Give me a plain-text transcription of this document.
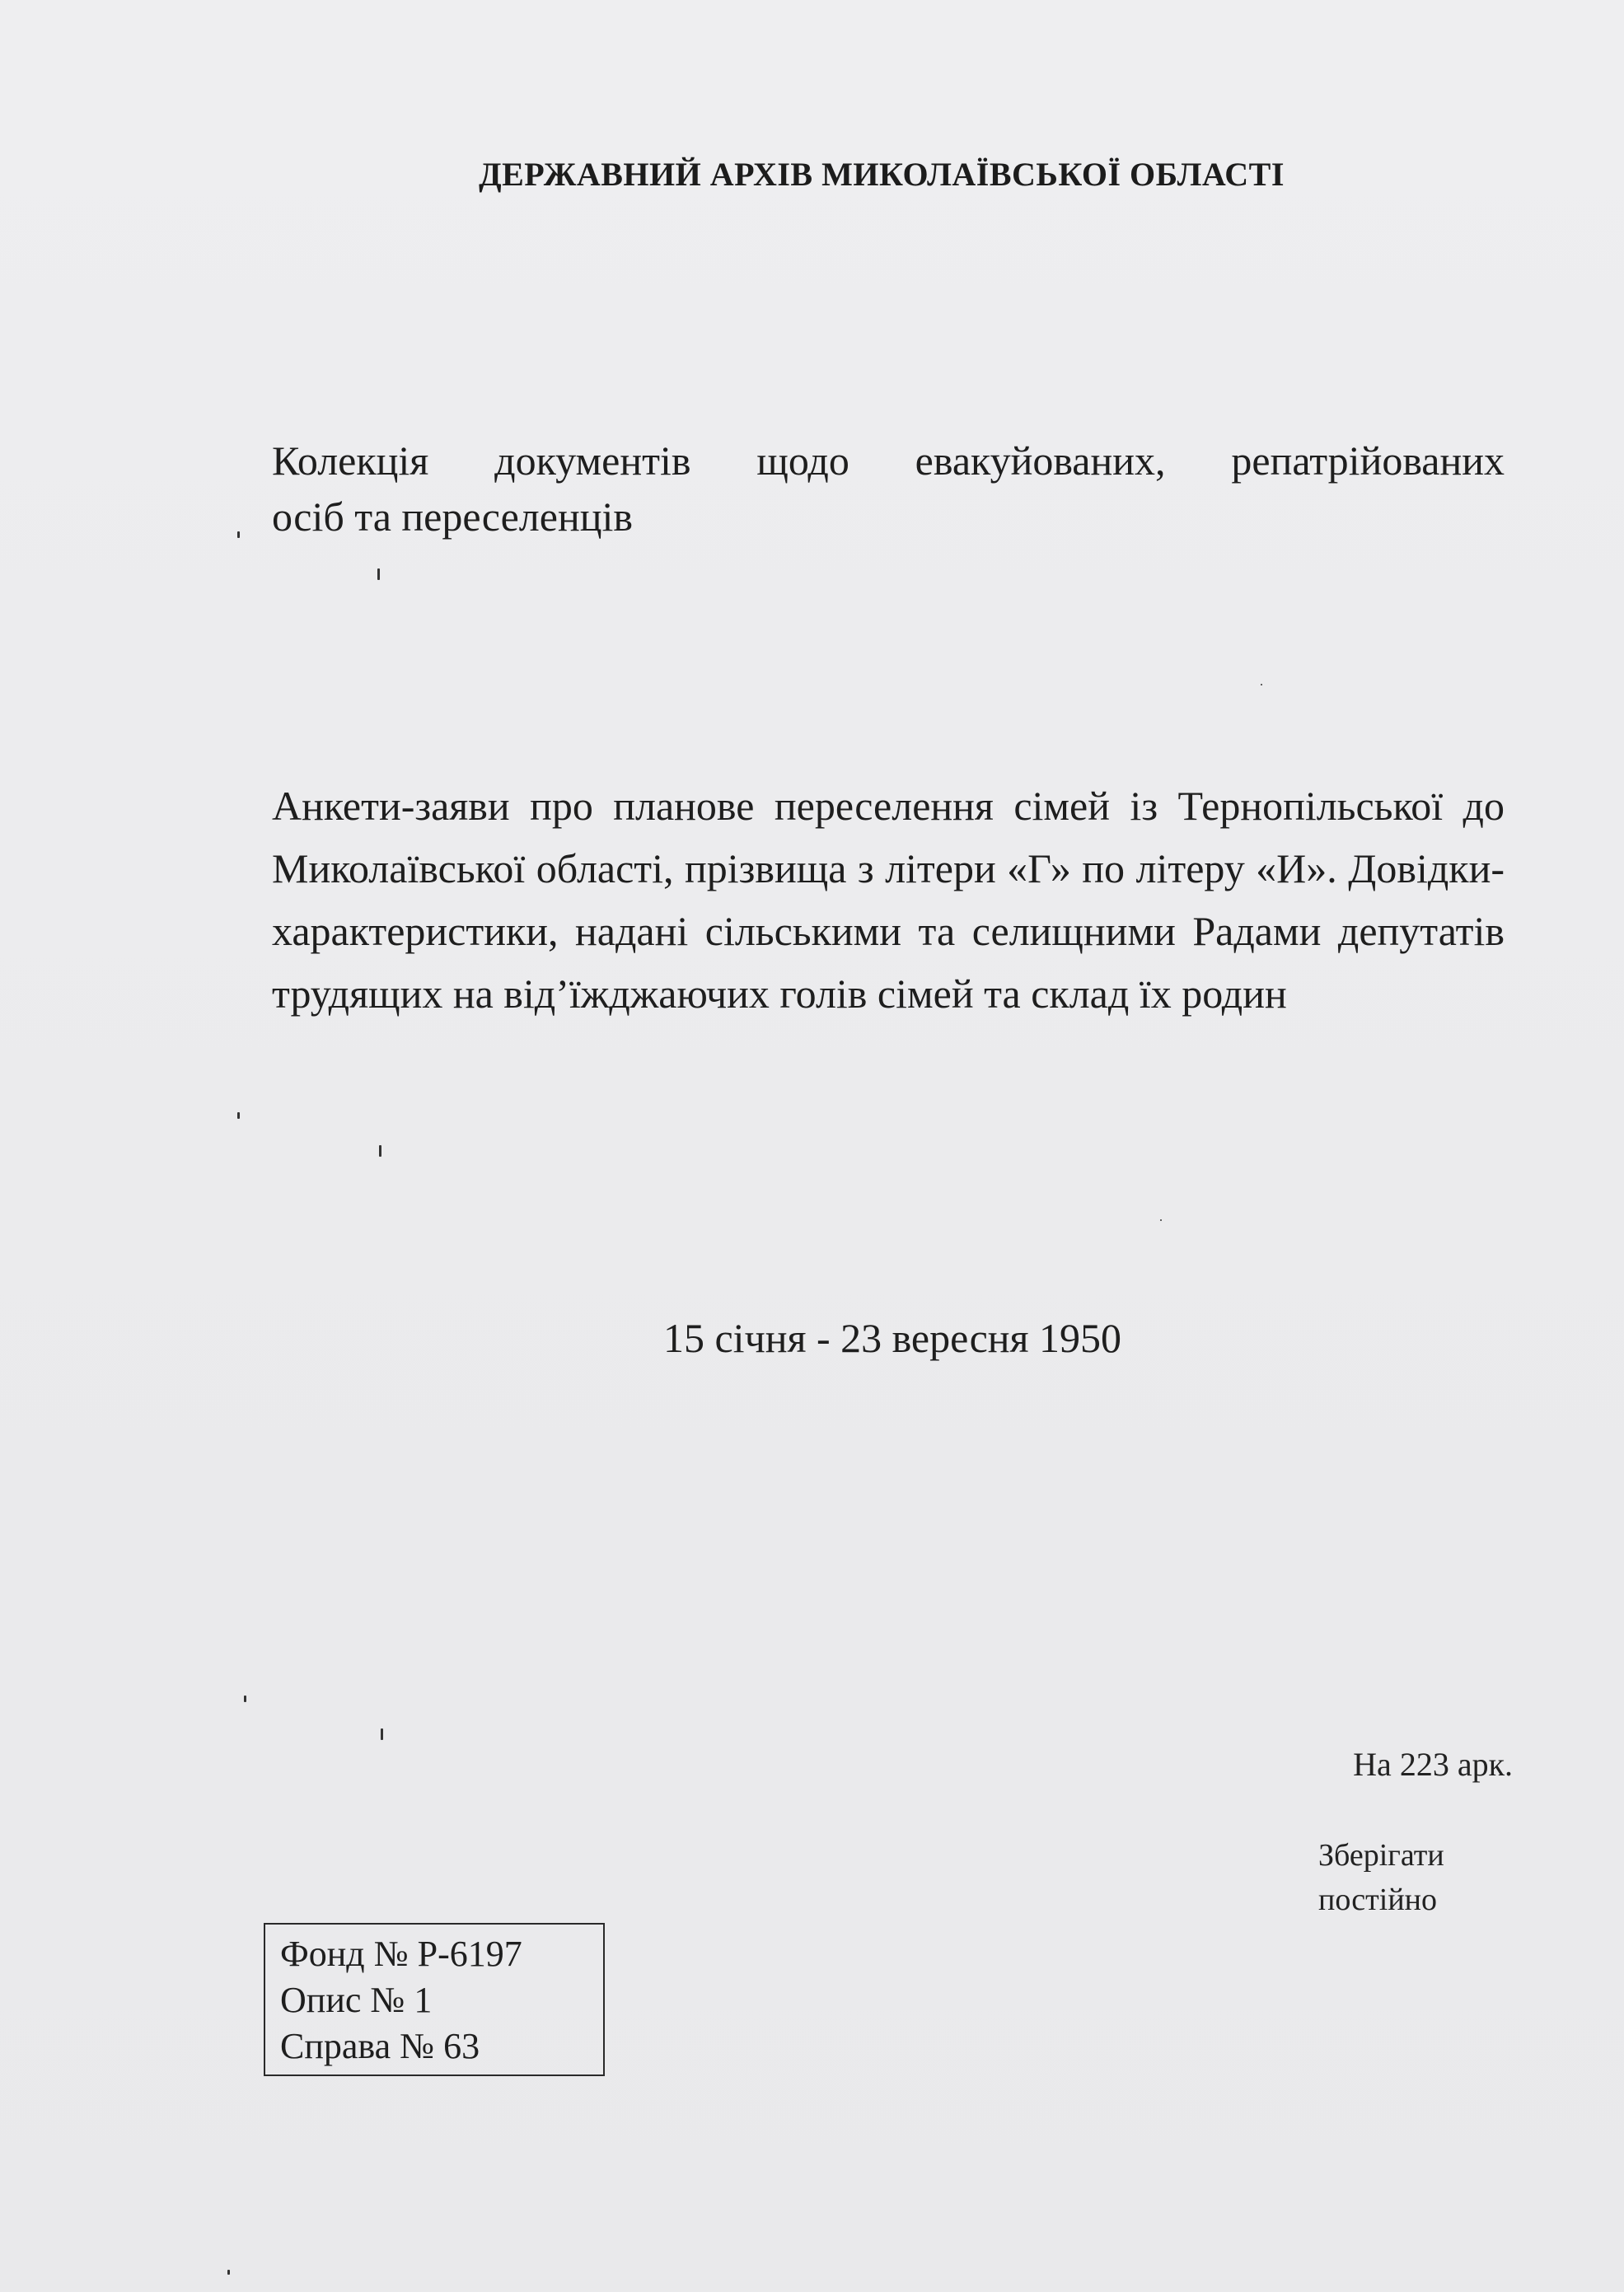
ДЕРЖАВНИЙ АРХІВ МИКОЛАЇВСЬКОЇ ОБЛАСТІ
Колекція документів щодо евакуйованих, репатрійованих
осіб та переселенців
Анкети-заяви про планове переселення сімей із Тернопільської до Миколаївської області, прізвища з літери «Г» по літеру «И». Довідки-характеристики, надані сільськими та селищними Радами депутатів трудящих на від’їжджаючих голів сімей та склад їх родин
15 січня - 23 вересня 1950
На 223 арк.
Зберігати
постійно
Фонд № Р-6197
Опис № 1
Справа № 63
